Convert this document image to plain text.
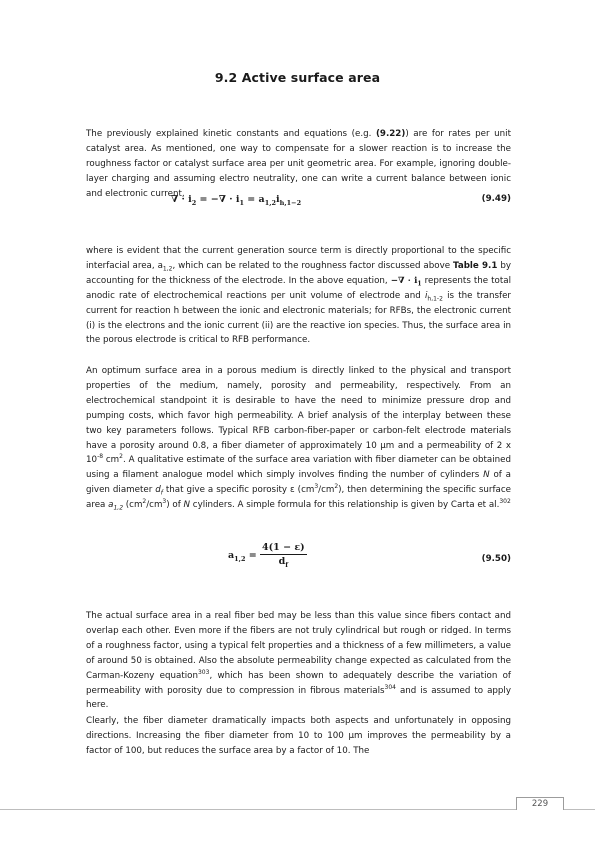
9.2 Active surface area

The previously explained kinetic constants and equations (e.g. (9.22)) are for rates per unit catalyst area. As mentioned, one way to compensate for a slower reaction is to increase the roughness factor or catalyst surface area per unit geometric area. For example, ignoring double-layer charging and assuming electro neutrality, one can write a current balance between ionic and electronic current,

∇ · $i_2$ = −∇ · $i_1 = a_{1,2}i_{h,1-2}$	(9.49)

where is evident that the current generation source term is directly proportional to the specific interfacial area, $a_{1,2}$, which can be related to the roughness factor discussed above Table 9.1 by accounting for the thickness of the electrode. In the above equation, −∇ · $i_1$ represents the total anodic rate of electrochemical reactions per unit volume of electrode and $i_{h,1-2}$ is the transfer current for reaction h between the ionic and electronic materials; for RFBs, the electronic current (i) is the electrons and the ionic current (ii) are the reactive ion species. Thus, the surface area in the porous electrode is critical to RFB performance.

An optimum surface area in a porous medium is directly linked to the physical and transport properties of the medium, namely, porosity and permeability, respectively. From an electrochemical standpoint it is desirable to have the need to minimize pressure drop and pumping costs, which favor high permeability. A brief analysis of the interplay between these two key parameters follows. Typical RFB carbon-fiber-paper or carbon-felt electrode materials have a porosity around 0.8, a fiber diameter of approximately 10 μm and a permeability of 2 x $10^{-8}$ $cm^2$. A qualitative estimate of the surface area variation with fiber diameter can be obtained using a filament analogue model which simply involves finding the number of cylinders N of a given diameter $d_f$ that give a specific porosity ε $(cm^3/cm^2)$, then determining the specific surface area $a_{1,2}$ $(cm^2/cm^3)$ of N cylinders. A simple formula for this relationship is given by Carta et al.$^{302}$

$a_{1,2} = \frac{4(1 - \varepsilon)}{d_f}$	(9.50)

The actual surface area in a real fiber bed may be less than this value since fibers contact and overlap each other. Even more if the fibers are not truly cylindrical but rough or ridged. In terms of a roughness factor, using a typical felt properties and a thickness of a few millimeters, a value of around 50 is obtained. Also the absolute permeability change expected as calculated from the Carman-Kozeny equation$^{303}$, which has been shown to adequately describe the variation of permeability with porosity due to compression in fibrous materials$^{304}$ and is assumed to apply here.

Clearly, the fiber diameter dramatically impacts both aspects and unfortunately in opposing directions. Increasing the fiber diameter from 10 to 100 μm improves the permeability by a factor of 100, but reduces the surface area by a factor of 10. The

229
